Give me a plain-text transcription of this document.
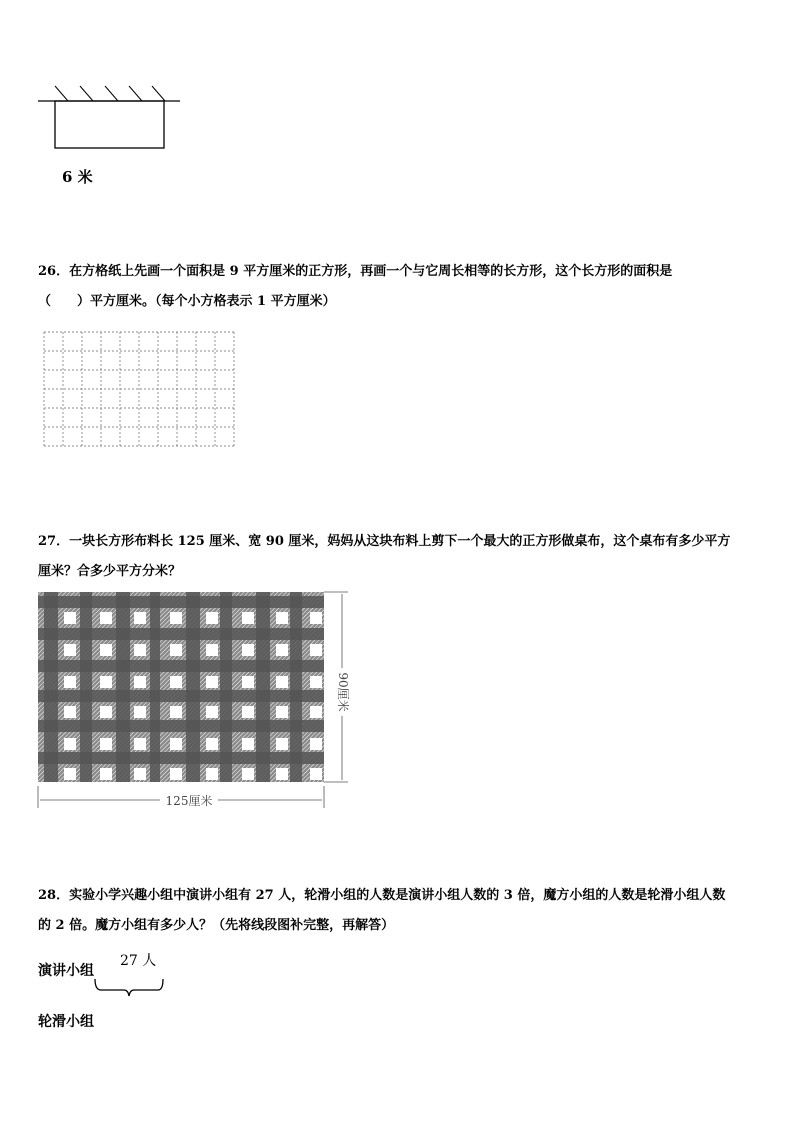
6 米
26．在方格纸上先画一个面积是 9 平方厘米的正方形，再画一个与它周长相等的长方形，这个长方形的面积是
（　　）平方厘米。（每个小方格表示 1 平方厘米）
27．一块长方形布料长 125 厘米、宽 90 厘米，妈妈从这块布料上剪下一个最大的正方形做桌布，这个桌布有多少平方
厘米？合多少平方分米？
125厘米
90厘米
28．实验小学兴趣小组中演讲小组有 27 人，轮滑小组的人数是演讲小组人数的 3 倍，魔方小组的人数是轮滑小组人数
的 2 倍。魔方小组有多少人？（先将线段图补完整，再解答）
演讲小组
轮滑小组
27 人
